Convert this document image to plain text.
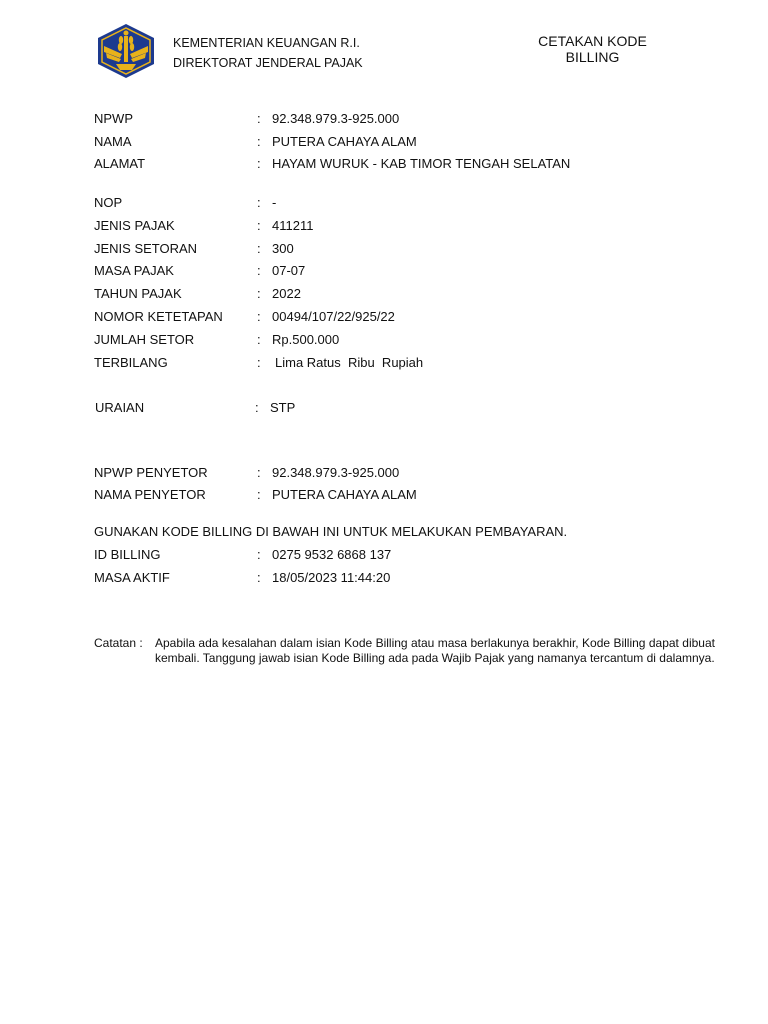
KEMENTERIAN KEUANGAN R.I.
DIREKTORAT JENDERAL PAJAK
CETAKAN KODE
BILLING
NPWP	: 92.348.979.3-925.000
NAMA	: PUTERA CAHAYA ALAM
ALAMAT	: HAYAM WURUK - KAB TIMOR TENGAH SELATAN
NOP	: -
JENIS PAJAK	: 411211
JENIS SETORAN	: 300
MASA PAJAK	: 07-07
TAHUN PAJAK	: 2022
NOMOR KETETAPAN	: 00494/107/22/925/22
JUMLAH SETOR	: Rp.500.000
TERBILANG	: Lima Ratus  Ribu  Rupiah
URAIAN	: STP
NPWP PENYETOR	: 92.348.979.3-925.000
NAMA PENYETOR	: PUTERA CAHAYA ALAM
GUNAKAN KODE BILLING DI BAWAH INI UNTUK MELAKUKAN PEMBAYARAN.
ID BILLING	: 0275 9532 6868 137
MASA AKTIF	: 18/05/2023 11:44:20
Catatan : Apabila ada kesalahan dalam isian Kode Billing atau masa berlakunya berakhir, Kode Billing dapat dibuat kembali. Tanggung jawab isian Kode Billing ada pada Wajib Pajak yang namanya tercantum di dalamnya.
